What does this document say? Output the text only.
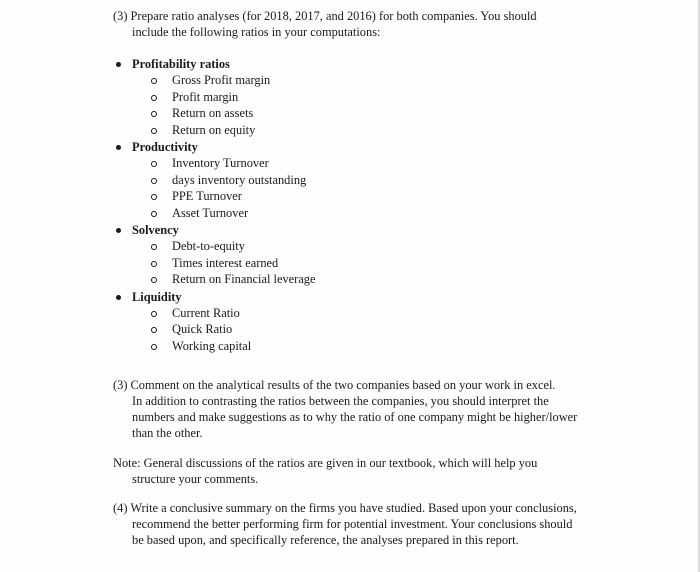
(3) Prepare ratio analyses (for 2018, 2017, and 2016) for both companies. You should
include the following ratios in your computations:
Profitability ratios
Gross Profit margin
Profit margin
Return on assets
Return on equity
Productivity
Inventory Turnover
days inventory outstanding
PPE Turnover
Asset Turnover
Solvency
Debt-to-equity
Times interest earned
Return on Financial leverage
Liquidity
Current Ratio
Quick Ratio
Working capital
(3) Comment on the analytical results of the two companies based on your work in excel.
In addition to contrasting the ratios between the companies, you should interpret the
numbers and make suggestions as to why the ratio of one company might be higher/lower
than the other.
Note: General discussions of the ratios are given in our textbook, which will help you
structure your comments.
(4) Write a conclusive summary on the firms you have studied. Based upon your conclusions,
recommend the better performing firm for potential investment. Your conclusions should
be based upon, and specifically reference, the analyses prepared in this report.
